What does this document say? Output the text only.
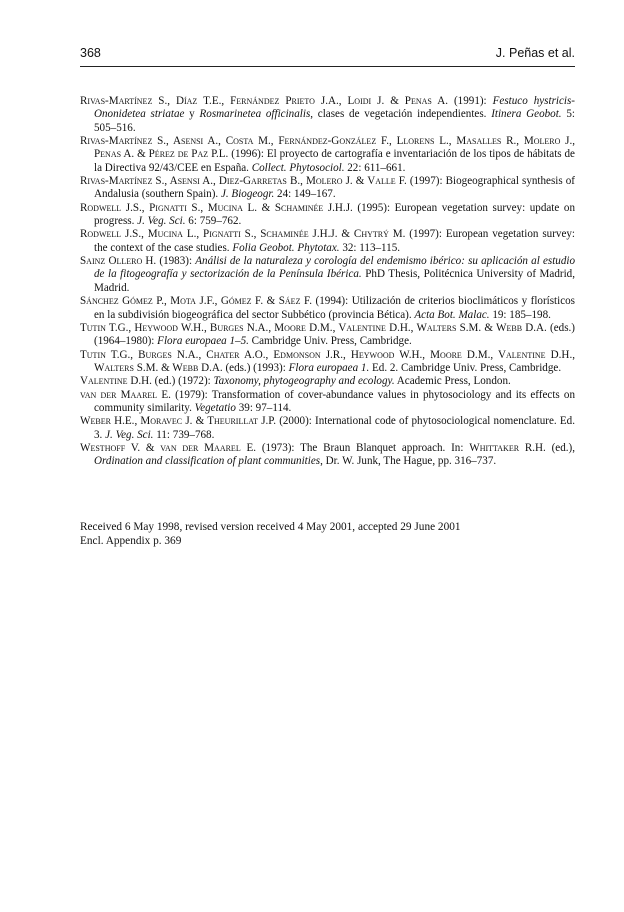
368	J. Peñas et al.

Rivas-Martínez S., Díaz T.E., Fernández Prieto J.A., Loidi J. & Penas A. (1991): Festuco hystricis-Ononidetea striatae y Rosmarinetea officinalis, clases de vegetación independientes. Itinera Geobot. 5: 505–516.

Rivas-Martínez S., Asensi A., Costa M., Fernández-González F., Llorens L., Masalles R., Molero J., Penas A. & Pérez de Paz P.L. (1996): El proyecto de cartografía e inventariación de los tipos de hábitats de la Directiva 92/43/CEE en España. Collect. Phytosociol. 22: 611–661.

Rivas-Martínez S., Asensi A., Diez-Garretas B., Molero J. & Valle F. (1997): Biogeographical synthesis of Andalusia (southern Spain). J. Biogeogr. 24: 149–167.

Rodwell J.S., Pignatti S., Mucina L. & Schaminée J.H.J. (1995): European vegetation survey: update on progress. J. Veg. Sci. 6: 759–762.

Rodwell J.S., Mucina L., Pignatti S., Schaminée J.H.J. & Chytrý M. (1997): European vegetation survey: the context of the case studies. Folia Geobot. Phytotax. 32: 113–115.

Sainz Ollero H. (1983): Análisi de la naturaleza y corología del endemismo ibérico: su aplicación al estudio de la fitogeografía y sectorización de la Península Ibérica. PhD Thesis, Politécnica University of Madrid, Madrid.

Sánchez Gómez P., Mota J.F., Gómez F. & Sáez F. (1994): Utilización de criterios bioclimáticos y florísticos en la subdivisión biogeográfica del sector Subbético (provincia Bética). Acta Bot. Malac. 19: 185–198.

Tutin T.G., Heywood W.H., Burges N.A., Moore D.M., Valentine D.H., Walters S.M. & Webb D.A. (eds.) (1964–1980): Flora europaea 1–5. Cambridge Univ. Press, Cambridge.

Tutin T.G., Burges N.A., Chater A.O., Edmonson J.R., Heywood W.H., Moore D.M., Valentine D.H., Walters S.M. & Webb D.A. (eds.) (1993): Flora europaea 1. Ed. 2. Cambridge Univ. Press, Cambridge.

Valentine D.H. (ed.) (1972): Taxonomy, phytogeography and ecology. Academic Press, London.

van der Maarel E. (1979): Transformation of cover-abundance values in phytosociology and its effects on community similarity. Vegetatio 39: 97–114.

Weber H.E., Moravec J. & Theurillat J.P. (2000): International code of phytosociological nomenclature. Ed. 3. J. Veg. Sci. 11: 739–768.

Westhoff V. & van der Maarel E. (1973): The Braun Blanquet approach. In: Whittaker R.H. (ed.), Ordination and classification of plant communities, Dr. W. Junk, The Hague, pp. 316–737.

Received 6 May 1998, revised version received 4 May 2001, accepted 29 June 2001

Encl. Appendix p. 369
